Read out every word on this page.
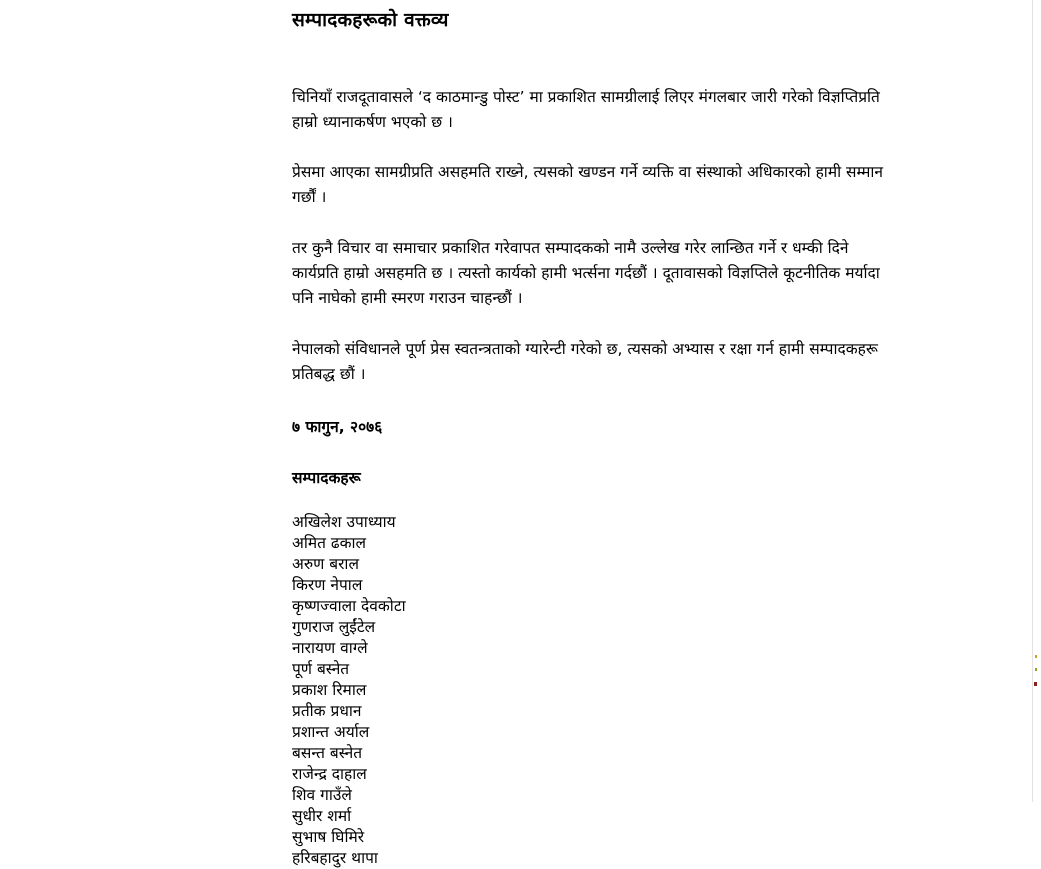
सम्पादकहरूको वक्तव्य

चिनियाँ राजदूतावासले ‘द काठमान्डु पोस्ट’ मा प्रकाशित सामग्रीलाई लिएर मंगलबार जारी गरेको विज्ञप्तिप्रति हाम्रो ध्यानाकर्षण भएको छ ।

प्रेसमा आएका सामग्रीप्रति असहमति राख्ने, त्यसको खण्डन गर्ने व्यक्ति वा संस्थाको अधिकारको हामी सम्मान गर्छौं ।

तर कुनै विचार वा समाचार प्रकाशित गरेवापत सम्पादकको नामै उल्लेख गरेर लान्छित गर्ने र धम्की दिने कार्यप्रति हाम्रो असहमति छ । त्यस्तो कार्यको हामी भर्त्सना गर्दछौं । दूतावासको विज्ञप्तिले कूटनीतिक मर्यादा पनि नाघेको हामी स्मरण गराउन चाहन्छौं ।

नेपालको संविधानले पूर्ण प्रेस स्वतन्त्रताको ग्यारेन्टी गरेको छ, त्यसको अभ्यास र रक्षा गर्न हामी सम्पादकहरू प्रतिबद्ध छौं ।

७ फागुन, २०७६

सम्पादकहरू

अखिलेश उपाध्याय
अमित ढकाल
अरुण बराल
किरण नेपाल
कृष्णज्वाला देवकोटा
गुणराज लुईंटेल
नारायण वाग्ले
पूर्ण बस्नेत
प्रकाश रिमाल
प्रतीक प्रधान
प्रशान्त अर्याल
बसन्त बस्नेत
राजेन्द्र दाहाल
शिव गाउँले
सुधीर शर्मा
सुभाष घिमिरे
हरिबहादुर थापा
